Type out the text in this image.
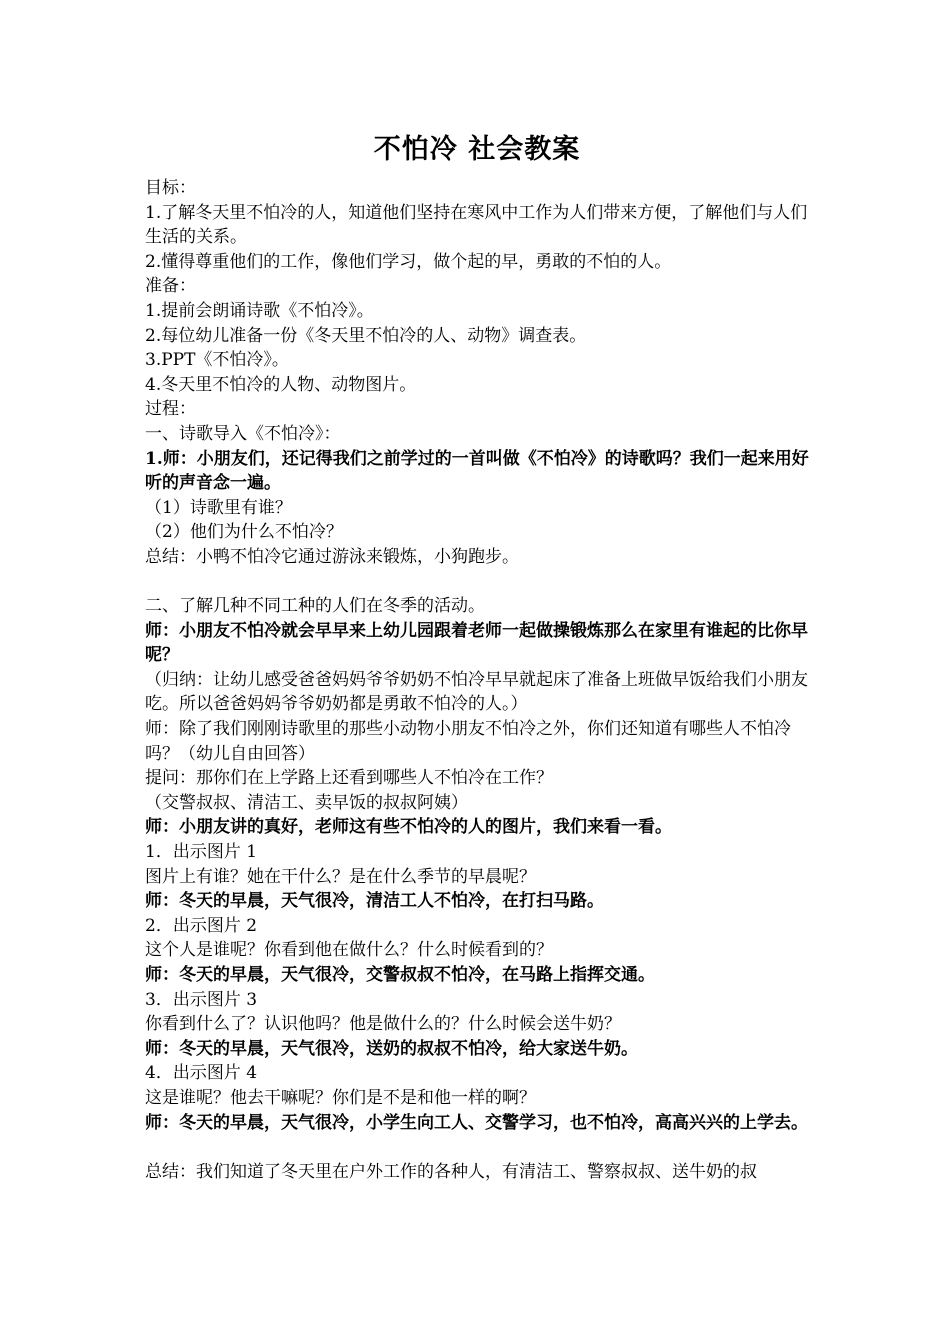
不怕冷 社会教案

目标：

1.了解冬天里不怕冷的人，知道他们坚持在寒风中工作为人们带来方便，了解他们与人们生活的关系。

2.懂得尊重他们的工作，像他们学习，做个起的早，勇敢的不怕的人。

准备：

1.提前会朗诵诗歌《不怕冷》。

2.每位幼儿准备一份《冬天里不怕冷的人、动物》调查表。

3.PPT《不怕冷》。

4.冬天里不怕冷的人物、动物图片。

过程：

一、诗歌导入《不怕冷》：

1.师：小朋友们，还记得我们之前学过的一首叫做《不怕冷》的诗歌吗？我们一起来用好听的声音念一遍。

（1）诗歌里有谁？

（2）他们为什么不怕冷？

总结：小鸭不怕冷它通过游泳来锻炼，小狗跑步。

二、了解几种不同工种的人们在冬季的活动。

师：小朋友不怕冷就会早早来上幼儿园跟着老师一起做操锻炼那么在家里有谁起的比你早呢？

（归纳：让幼儿感受爸爸妈妈爷爷奶奶不怕冷早早就起床了准备上班做早饭给我们小朋友吃。所以爸爸妈妈爷爷奶奶都是勇敢不怕冷的人。）

师：除了我们刚刚诗歌里的那些小动物小朋友不怕冷之外，你们还知道有哪些人不怕冷吗？（幼儿自由回答）

提问：那你们在上学路上还看到哪些人不怕冷在工作？

（交警叔叔、清洁工、卖早饭的叔叔阿姨）

师：小朋友讲的真好，老师这有些不怕冷的人的图片，我们来看一看。

1．出示图片 1

图片上有谁？她在干什么？是在什么季节的早晨呢？

师：冬天的早晨，天气很冷，清洁工人不怕冷，在打扫马路。

2．出示图片 2

这个人是谁呢？你看到他在做什么？什么时候看到的？

师：冬天的早晨，天气很冷，交警叔叔不怕冷，在马路上指挥交通。

3．出示图片 3

你看到什么了？认识他吗？他是做什么的？什么时候会送牛奶？

师：冬天的早晨，天气很冷，送奶的叔叔不怕冷，给大家送牛奶。

4．出示图片 4

这是谁呢？他去干嘛呢？你们是不是和他一样的啊？

师：冬天的早晨，天气很冷，小学生向工人、交警学习，也不怕冷，高高兴兴的上学去。

总结：我们知道了冬天里在户外工作的各种人，有清洁工、警察叔叔、送牛奶的叔
